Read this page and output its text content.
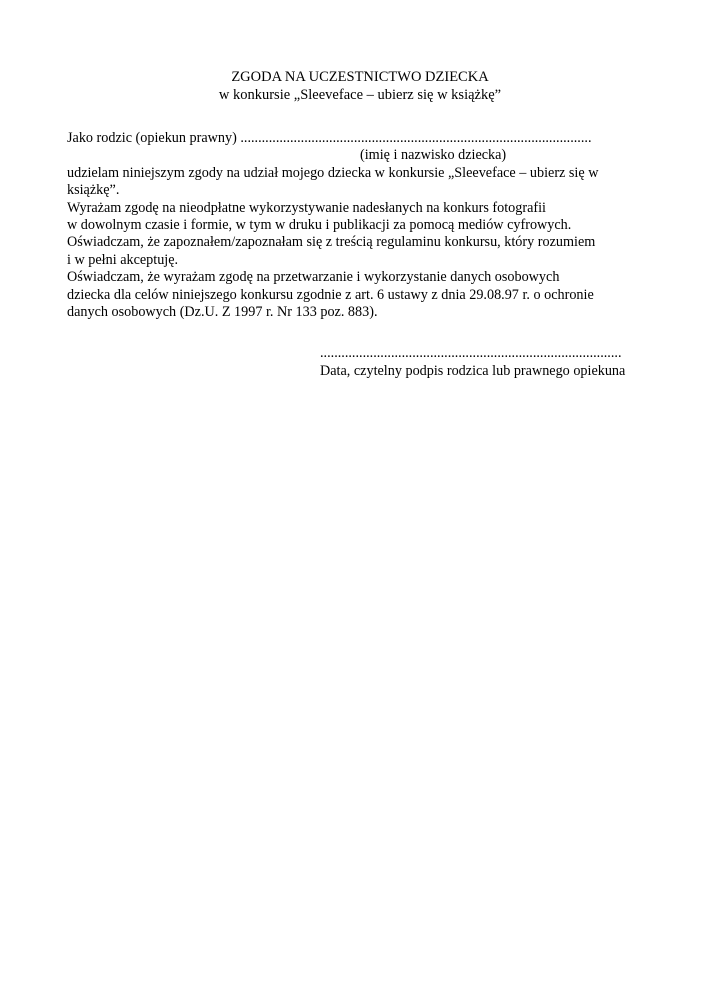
ZGODA NA UCZESTNICTWO DZIECKA
w konkursie „Sleeveface – ubierz się w książkę”
Jako rodzic (opiekun prawny) ...................................................................................................
(imię i nazwisko dziecka)
udzielam niniejszym zgody na udział mojego dziecka w konkursie „Sleeveface – ubierz się w
książkę”.
Wyrażam zgodę na nieodpłatne wykorzystywanie nadesłanych na konkurs fotografii
w dowolnym czasie i formie, w tym w druku i publikacji za pomocą mediów cyfrowych.
Oświadczam, że zapoznałem/zapoznałam się z treścią regulaminu konkursu, który rozumiem
i w pełni akceptuję.
Oświadczam, że wyrażam zgodę na przetwarzanie i wykorzystanie danych osobowych
dziecka dla celów niniejszego konkursu zgodnie z art. 6 ustawy z dnia 29.08.97 r. o ochronie
danych osobowych (Dz.U. Z 1997 r. Nr 133 poz. 883).
.....................................................................................
Data, czytelny podpis rodzica lub prawnego opiekuna
